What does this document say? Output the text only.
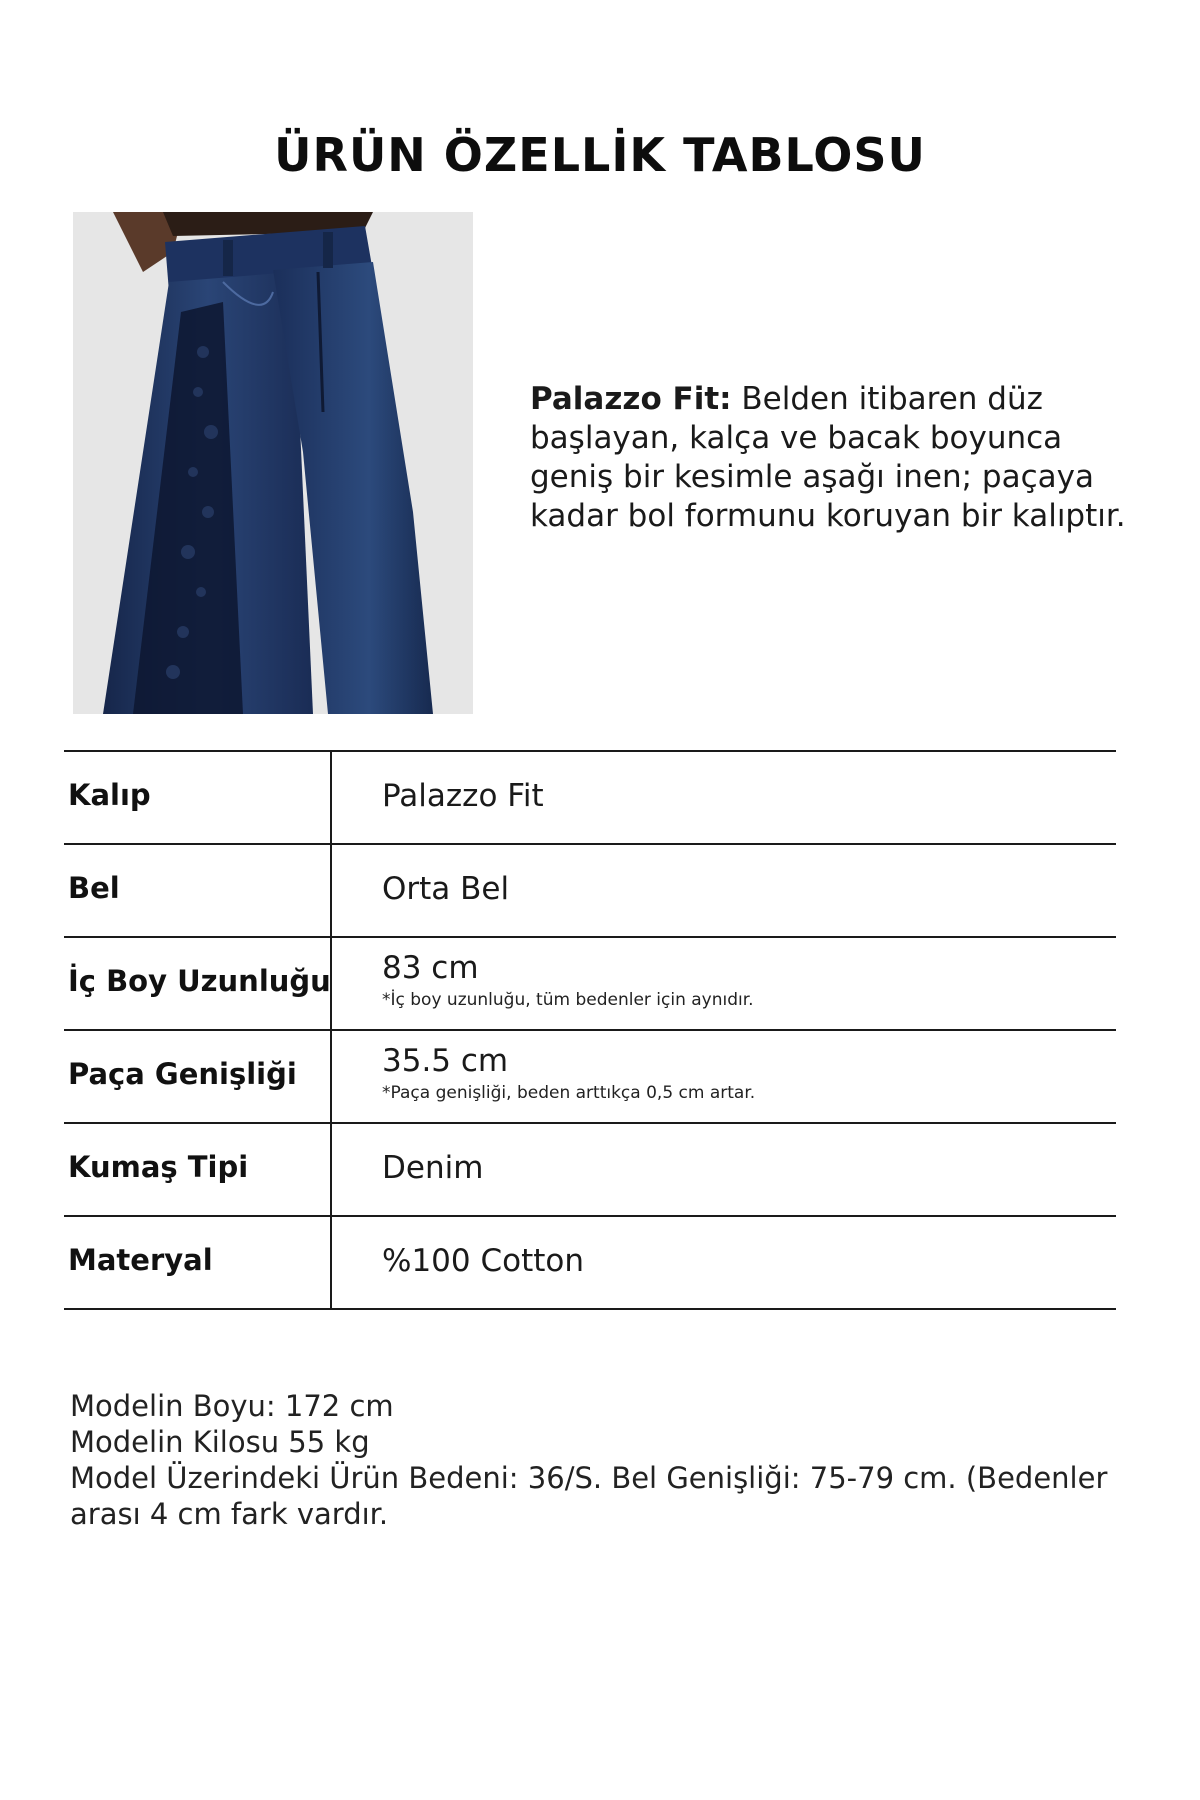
ÜRÜN ÖZELLİK TABLOSU
Palazzo Fit: Belden itibaren düz başlayan, kalça ve bacak boyunca geniş bir kesimle aşağı inen; paçaya kadar bol formunu koruyan bir kalıptır.
Kalıp	Palazzo Fit
Bel	Orta Bel
İç Boy Uzunluğu 83 cm
*İç boy uzunluğu, tüm bedenler için aynıdır.
Paça Genişliği	35.5 cm
*Paça genişliği, beden arttıkça 0,5 cm artar.
Kumaş Tipi	Denim
Materyal	%100 Cotton
Modelin Boyu: 172 cm
Modelin Kilosu 55 kg
Model Üzerindeki Ürün Bedeni: 36/S. Bel Genişliği: 75-79 cm. (Bedenler arası 4 cm fark vardır.
